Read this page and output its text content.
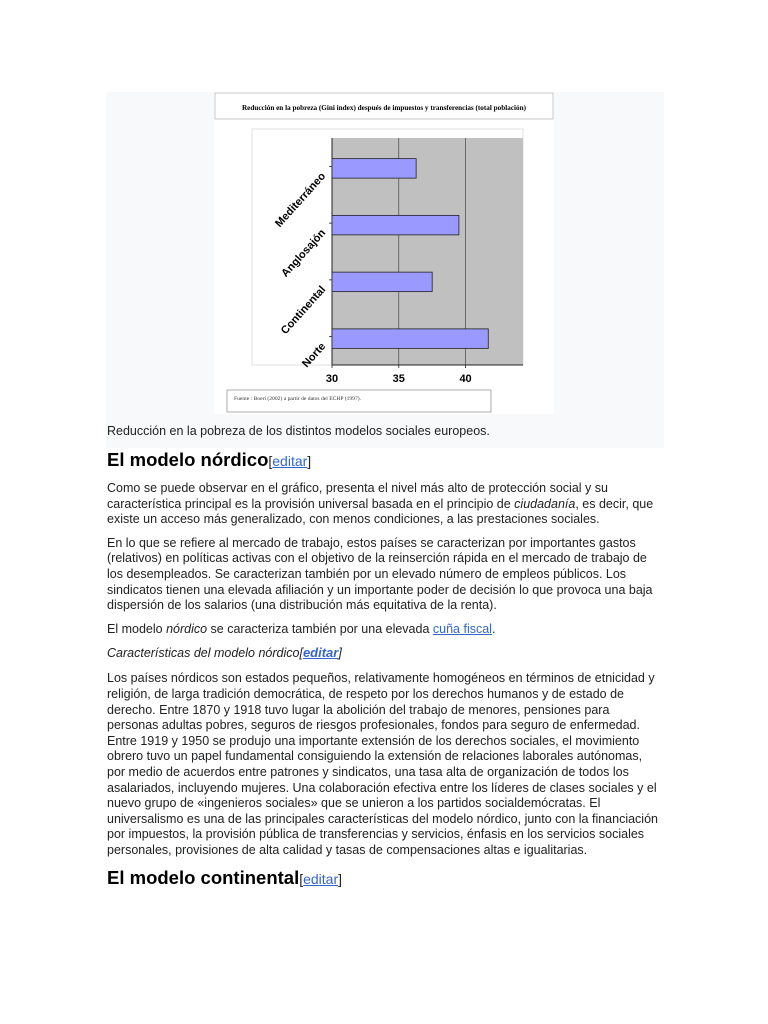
Reducción en la pobreza (Gini index) después de impuestos y transferencias (total población)
Mediterráneo
Anglosajón
Continental
Norte
30	35	40
Fuente : Boeri (2002) a partir de datos del ECHP (1997).
Reducción en la pobreza de los distintos modelos sociales europeos.
El modelo nórdico[editar]

Como se puede observar en el gráfico, presenta el nivel más alto de protección social y su característica principal es la provisión universal basada en el principio de ciudadanía, es decir, que existe un acceso más generalizado, con menos condiciones, a las prestaciones sociales.

En lo que se refiere al mercado de trabajo, estos países se caracterizan por importantes gastos (relativos) en políticas activas con el objetivo de la reinserción rápida en el mercado de trabajo de los desempleados. Se caracterizan también por un elevado número de empleos públicos. Los sindicatos tienen una elevada afiliación y un importante poder de decisión lo que provoca una baja dispersión de los salarios (una distribución más equitativa de la renta).

El modelo nórdico se caracteriza también por una elevada cuña fiscal.

Características del modelo nórdico[editar]

Los países nórdicos son estados pequeños, relativamente homogéneos en términos de etnicidad y religión, de larga tradición democrática, de respeto por los derechos humanos y de estado de derecho. Entre 1870 y 1918 tuvo lugar la abolición del trabajo de menores, pensiones para personas adultas pobres, seguros de riesgos profesionales, fondos para seguro de enfermedad. Entre 1919 y 1950 se produjo una importante extensión de los derechos sociales, el movimiento obrero tuvo un papel fundamental consiguiendo la extensión de relaciones laborales autónomas, por medio de acuerdos entre patrones y sindicatos, una tasa alta de organización de todos los asalariados, incluyendo mujeres. Una colaboración efectiva entre los líderes de clases sociales y el nuevo grupo de «ingenieros sociales» que se unieron a los partidos socialdemócratas. El universalismo es una de las principales características del modelo nórdico, junto con la financiación por impuestos, la provisión pública de transferencias y servicios, énfasis en los servicios sociales personales, provisiones de alta calidad y tasas de compensaciones altas e igualitarias.

El modelo continental[editar]
